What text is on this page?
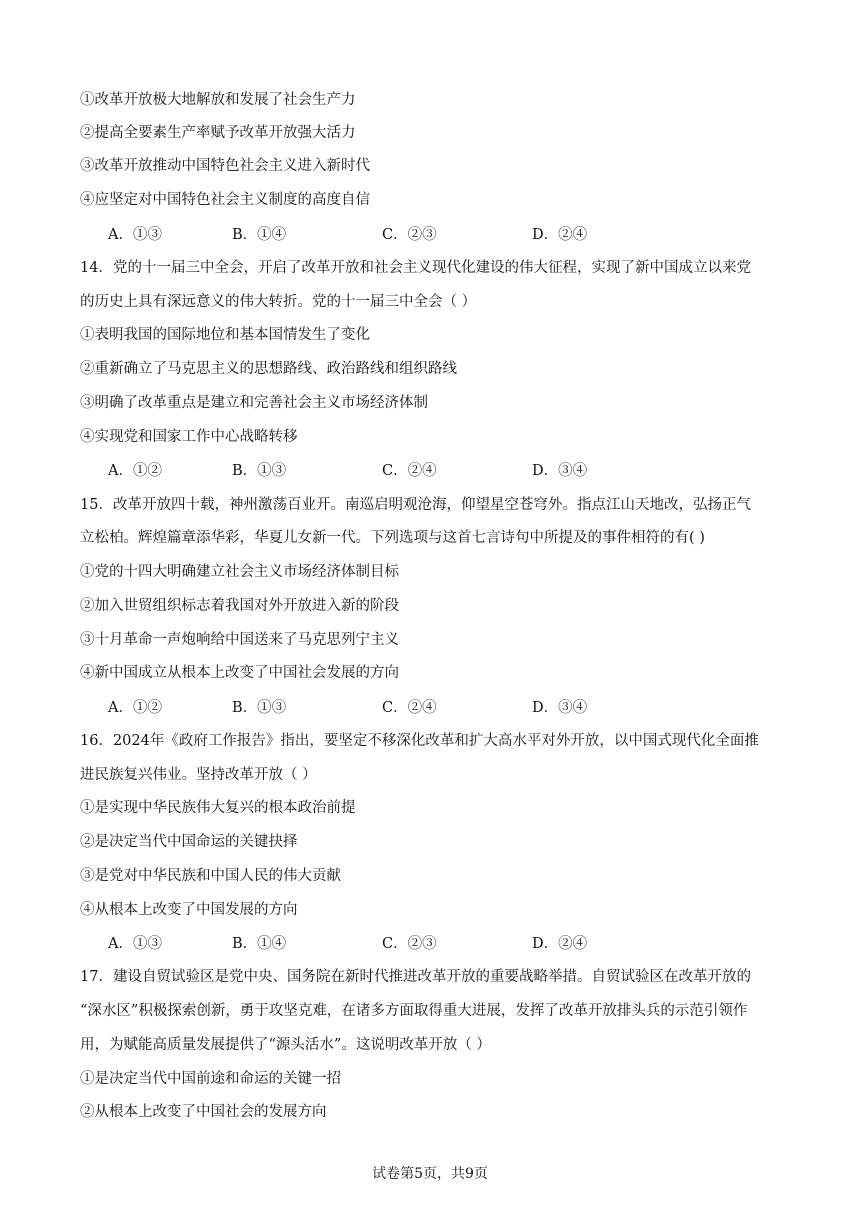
①改革开放极大地解放和发展了社会生产力
②提高全要素生产率赋予改革开放强大活力
③改革开放推动中国特色社会主义进入新时代
④应坚定对中国特色社会主义制度的高度自信
A．①③	B．①④	C．②③	D．②④
14．党的十一届三中全会，开启了改革开放和社会主义现代化建设的伟大征程，实现了新中国成立以来党
的历史上具有深远意义的伟大转折。党的十一届三中全会（ ）
①表明我国的国际地位和基本国情发生了变化
②重新确立了马克思主义的思想路线、政治路线和组织路线
③明确了改革重点是建立和完善社会主义市场经济体制
④实现党和国家工作中心战略转移
A．①②	B．①③	C．②④	D．③④
15．改革开放四十载，神州激荡百业开。南巡启明观沧海，仰望星空苍穹外。指点江山天地改，弘扬正气
立松柏。辉煌篇章添华彩，华夏儿女新一代。下列选项与这首七言诗句中所提及的事件相符的有( )
①党的十四大明确建立社会主义市场经济体制目标
②加入世贸组织标志着我国对外开放进入新的阶段
③十月革命一声炮响给中国送来了马克思列宁主义
④新中国成立从根本上改变了中国社会发展的方向
A．①②	B．①③	C．②④	D．③④
16．2024年《政府工作报告》指出，要坚定不移深化改革和扩大高水平对外开放，以中国式现代化全面推
进民族复兴伟业。坚持改革开放（ ）
①是实现中华民族伟大复兴的根本政治前提
②是决定当代中国命运的关键抉择
③是党对中华民族和中国人民的伟大贡献
④从根本上改变了中国发展的方向
A．①③	B．①④	C．②③	D．②④
17．建设自贸试验区是党中央、国务院在新时代推进改革开放的重要战略举措。自贸试验区在改革开放的
“深水区”积极探索创新，勇于攻坚克难，在诸多方面取得重大进展，发挥了改革开放排头兵的示范引领作
用，为赋能高质量发展提供了“源头活水”。这说明改革开放（ ）
①是决定当代中国前途和命运的关键一招
②从根本上改变了中国社会的发展方向
试卷第5页，共9页
